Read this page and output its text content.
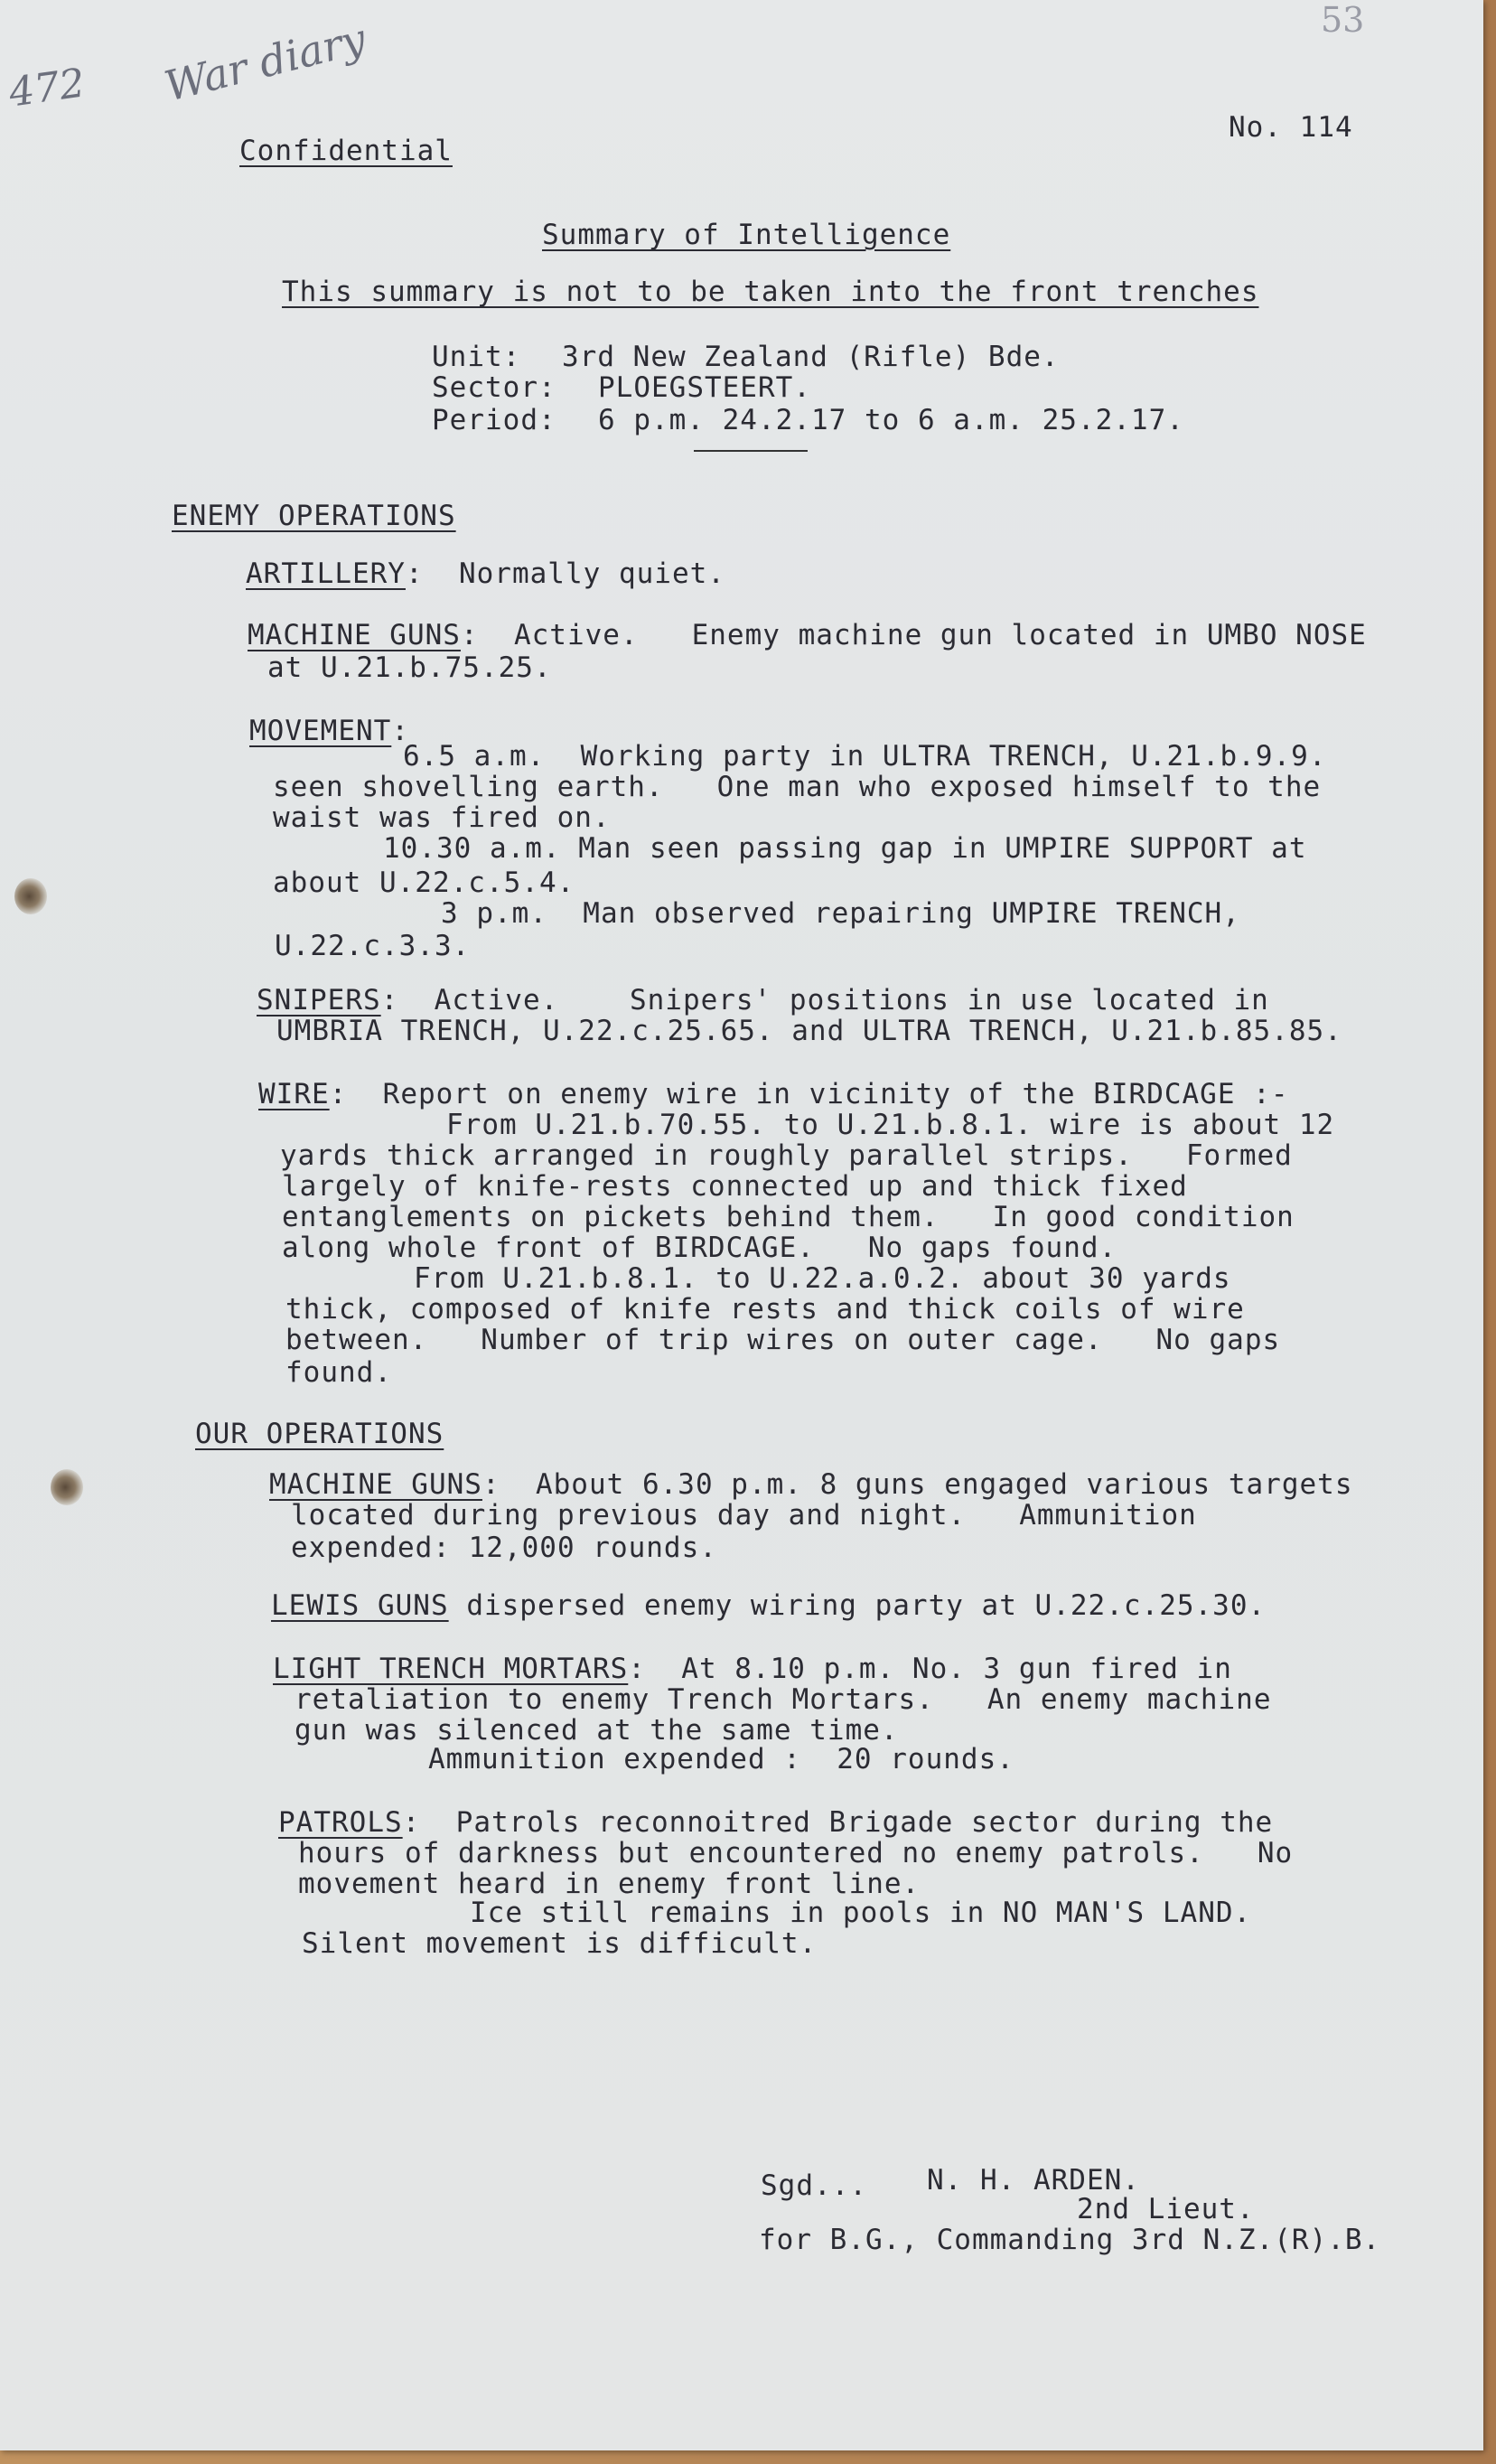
472 War diary	53
Confidential
No. 114
Summary of Intelligence
This summary is not to be taken into the front trenches
Unit: 3rd New Zealand (Rifle) Bde.
Sector: PLOEGSTEERT.
Period: 6 p.m. 24.2.17 to 6 a.m. 25.2.17.
ENEMY OPERATIONS
ARTILLERY:  Normally quiet.
MACHINE GUNS:  Active.   Enemy machine gun located in UMBO NOSE
at U.21.b.75.25.
MOVEMENT:
6.5 a.m.  Working party in ULTRA TRENCH, U.21.b.9.9.
seen shovelling earth.   One man who exposed himself to the
waist was fired on.
10.30 a.m. Man seen passing gap in UMPIRE SUPPORT at
about U.22.c.5.4.
3 p.m.  Man observed repairing UMPIRE TRENCH,
U.22.c.3.3.
SNIPERS:  Active.    Snipers' positions in use located in
UMBRIA TRENCH, U.22.c.25.65. and ULTRA TRENCH, U.21.b.85.85.
WIRE:  Report on enemy wire in vicinity of the BIRDCAGE :-
From U.21.b.70.55. to U.21.b.8.1. wire is about 12
yards thick arranged in roughly parallel strips.   Formed
largely of knife-rests connected up and thick fixed
entanglements on pickets behind them.   In good condition
along whole front of BIRDCAGE.   No gaps found.
From U.21.b.8.1. to U.22.a.0.2. about 30 yards
thick, composed of knife rests and thick coils of wire
between.   Number of trip wires on outer cage.   No gaps
found.
OUR OPERATIONS
MACHINE GUNS:  About 6.30 p.m. 8 guns engaged various targets
located during previous day and night.   Ammunition
expended: 12,000 rounds.
LEWIS GUNS dispersed enemy wiring party at U.22.c.25.30.
LIGHT TRENCH MORTARS:  At 8.10 p.m. No. 3 gun fired in
retaliation to enemy Trench Mortars.   An enemy machine
gun was silenced at the same time.
Ammunition expended :  20 rounds.
PATROLS:  Patrols reconnoitred Brigade sector during the
hours of darkness but encountered no enemy patrols.   No
movement heard in enemy front line.
Ice still remains in pools in NO MAN'S LAND.
Silent movement is difficult.
Sgd... N. H. ARDEN.
2nd Lieut.
for B.G., Commanding 3rd N.Z.(R).B.
